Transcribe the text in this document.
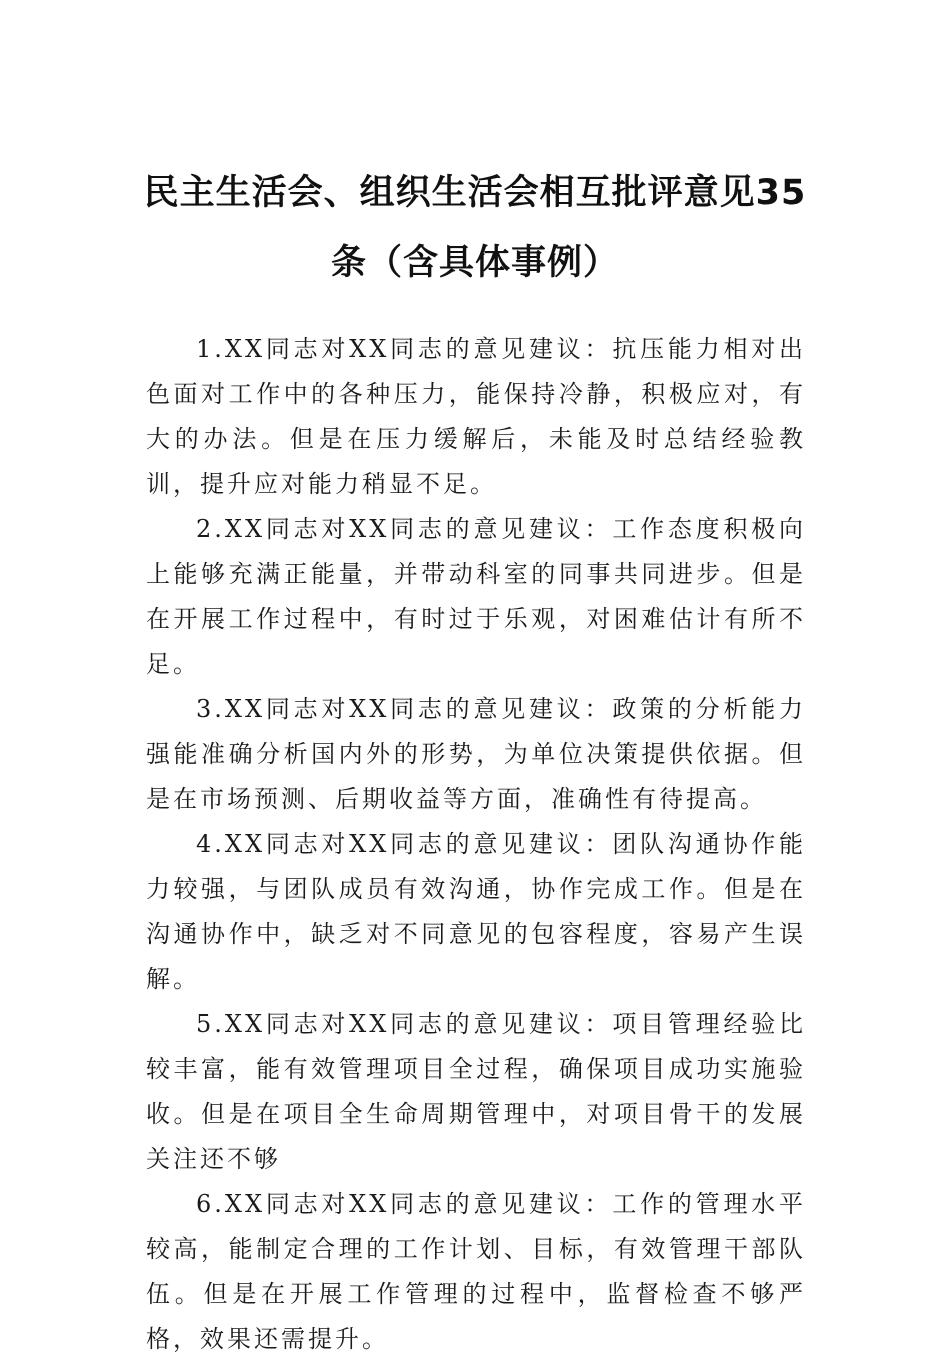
民主生活会、组织生活会相互批评意见35条（含具体事例）

1.XX同志对XX同志的意见建议：抗压能力相对出色面对工作中的各种压力，能保持冷静，积极应对，有大的办法。但是在压力缓解后，未能及时总结经验教训，提升应对能力稍显不足。

2.XX同志对XX同志的意见建议：工作态度积极向上能够充满正能量，并带动科室的同事共同进步。但是在开展工作过程中，有时过于乐观，对困难估计有所不足。

3.XX同志对XX同志的意见建议：政策的分析能力强能准确分析国内外的形势，为单位决策提供依据。但是在市场预测、后期收益等方面，准确性有待提高。

4.XX同志对XX同志的意见建议：团队沟通协作能力较强，与团队成员有效沟通，协作完成工作。但是在沟通协作中，缺乏对不同意见的包容程度，容易产生误解。

5.XX同志对XX同志的意见建议：项目管理经验比较丰富，能有效管理项目全过程，确保项目成功实施验收。但是在项目全生命周期管理中，对项目骨干的发展关注还不够

6.XX同志对XX同志的意见建议：工作的管理水平较高，能制定合理的工作计划、目标，有效管理干部队伍。但是在开展工作管理的过程中，监督检查不够严格，效果还需提升。
